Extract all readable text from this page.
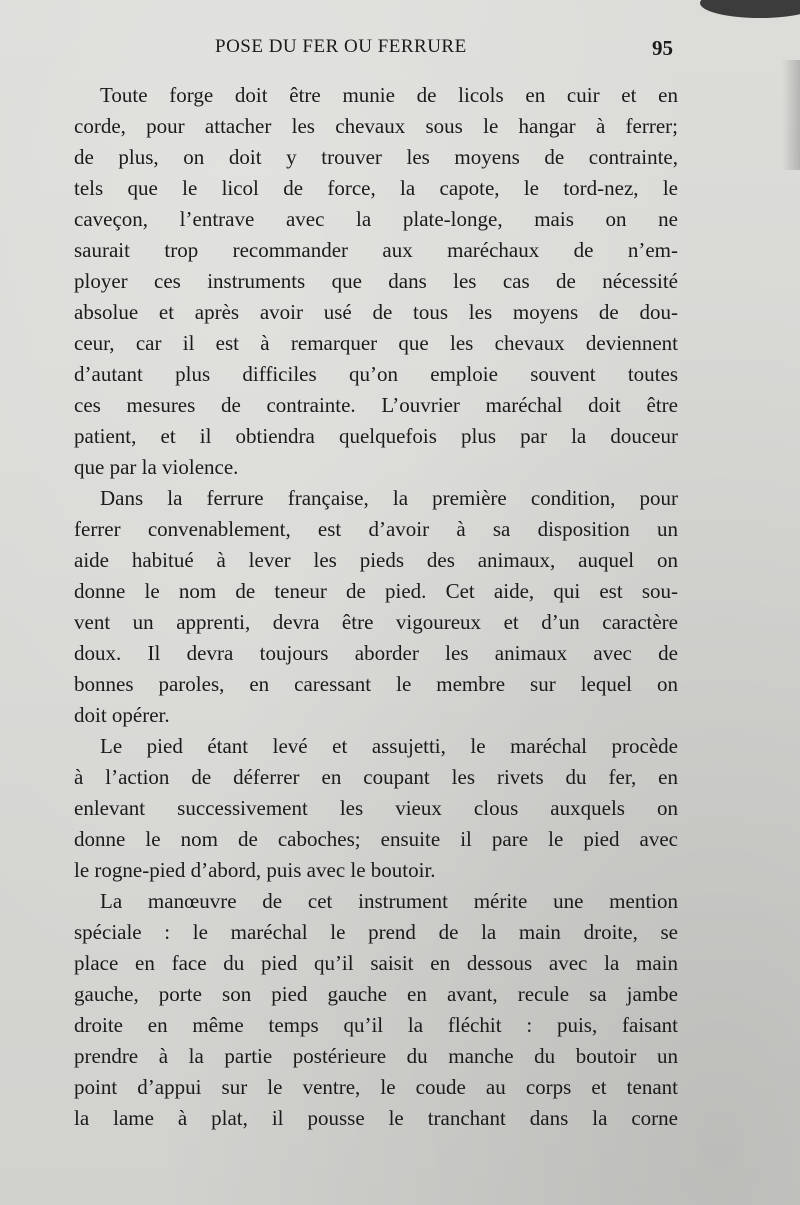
POSE DU FER OU FERRURE	95
Toute forge doit être munie de licols en cuir et en
corde, pour attacher les chevaux sous le hangar à ferrer;
de plus, on doit y trouver les moyens de contrainte,
tels que le licol de force, la capote, le tord-nez, le
caveçon, l’entrave avec la plate-longe, mais on ne
saurait trop recommander aux maréchaux de n’em-
ployer ces instruments que dans les cas de nécessité
absolue et après avoir usé de tous les moyens de dou-
ceur, car il est à remarquer que les chevaux deviennent
d’autant plus difficiles qu’on emploie souvent toutes
ces mesures de contrainte. L’ouvrier maréchal doit être
patient, et il obtiendra quelquefois plus par la douceur
que par la violence.
Dans la ferrure française, la première condition, pour
ferrer convenablement, est d’avoir à sa disposition un
aide habitué à lever les pieds des animaux, auquel on
donne le nom de teneur de pied. Cet aide, qui est sou-
vent un apprenti, devra être vigoureux et d’un caractère
doux. Il devra toujours aborder les animaux avec de
bonnes paroles, en caressant le membre sur lequel on
doit opérer.
Le pied étant levé et assujetti, le maréchal procède
à l’action de déferrer en coupant les rivets du fer, en
enlevant successivement les vieux clous auxquels on
donne le nom de caboches; ensuite il pare le pied avec
le rogne-pied d’abord, puis avec le boutoir.
La manœuvre de cet instrument mérite une mention
spéciale : le maréchal le prend de la main droite, se
place en face du pied qu’il saisit en dessous avec la main
gauche, porte son pied gauche en avant, recule sa jambe
droite en même temps qu’il la fléchit : puis, faisant
prendre à la partie postérieure du manche du boutoir un
point d’appui sur le ventre, le coude au corps et tenant
la lame à plat, il pousse le tranchant dans la corne
